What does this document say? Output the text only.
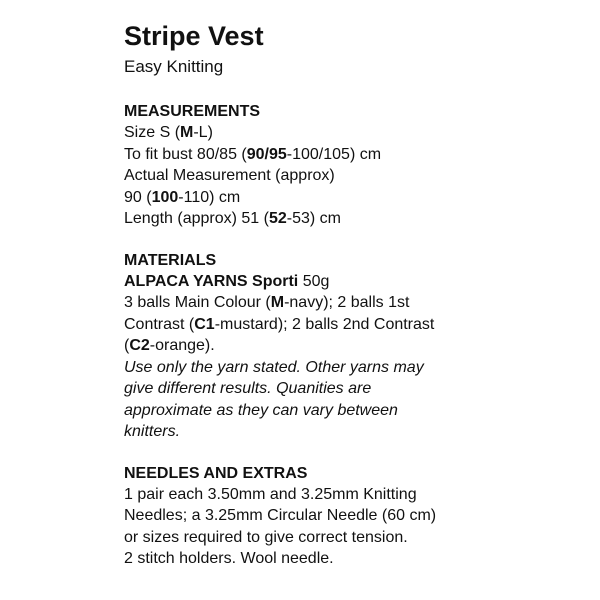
Stripe Vest

Easy Knitting

MEASUREMENTS

Size S (M-L)

To fit bust 80/85 (90/95-100/105) cm

Actual Measurement (approx)

90 (100-110) cm

Length (approx) 51 (52-53) cm

MATERIALS

ALPACA YARNS Sporti 50g

3 balls Main Colour (M-navy); 2 balls 1st

Contrast (C1-mustard); 2 balls 2nd Contrast

(C2-orange).

Use only the yarn stated. Other yarns may

give different results. Quanities are

approximate as they can vary between

knitters.

NEEDLES AND EXTRAS

1 pair each 3.50mm and 3.25mm Knitting

Needles; a 3.25mm Circular Needle (60 cm)

or sizes required to give correct tension.

2 stitch holders. Wool needle.
